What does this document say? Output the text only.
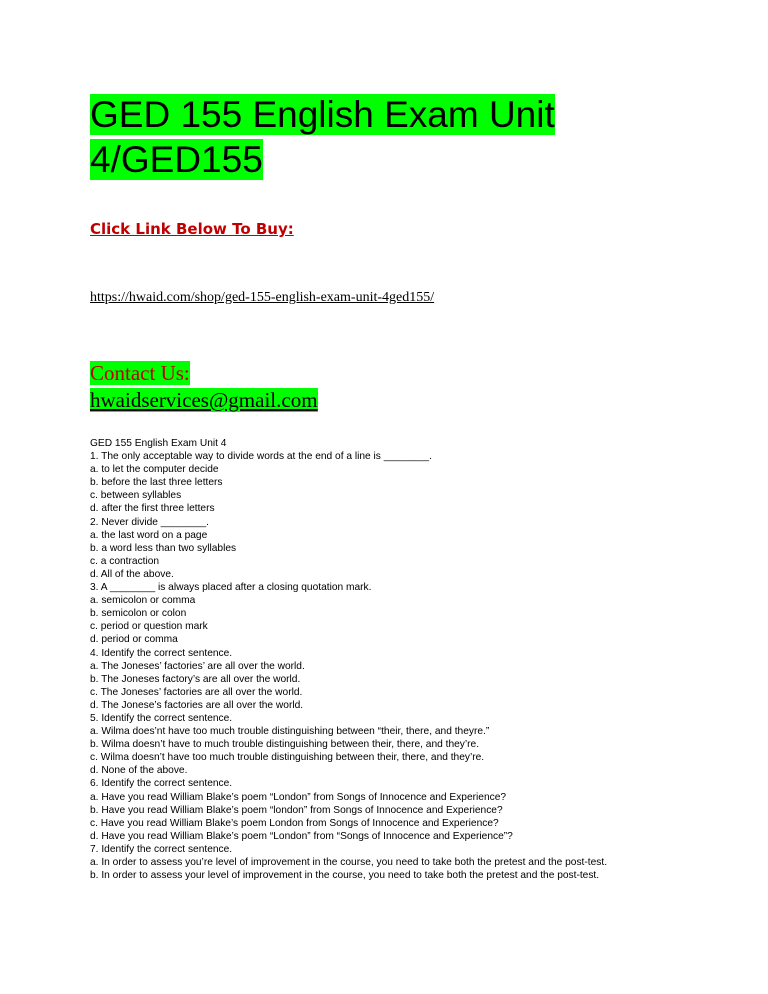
GED 155 English Exam Unit
4/GED155
Click Link Below To Buy:
https://hwaid.com/shop/ged-155-english-exam-unit-4ged155/
Contact Us:
hwaidservices@gmail.com
GED 155 English Exam Unit 4
1. The only acceptable way to divide words at the end of a line is ________.
a. to let the computer decide
b. before the last three letters
c. between syllables
d. after the first three letters
2. Never divide ________.
a. the last word on a page
b. a word less than two syllables
c. a contraction
d. All of the above.
3. A ________ is always placed after a closing quotation mark.
a. semicolon or comma
b. semicolon or colon
c. period or question mark
d. period or comma
4. Identify the correct sentence.
a. The Joneses’ factories’ are all over the world.
b. The Joneses factory’s are all over the world.
c. The Joneses’ factories are all over the world.
d. The Jonese’s factories are all over the world.
5. Identify the correct sentence.
a. Wilma does’nt have too much trouble distinguishing between “their, there, and theyre.”
b. Wilma doesn’t have to much trouble distinguishing between their, there, and they’re.
c. Wilma doesn’t have too much trouble distinguishing between their, there, and they’re.
d. None of the above.
6. Identify the correct sentence.
a. Have you read William Blake’s poem “London” from Songs of Innocence and Experience?
b. Have you read William Blake’s poem “london” from Songs of Innocence and Experience?
c. Have you read William Blake’s poem London from Songs of Innocence and Experience?
d. Have you read William Blake’s poem “London” from “Songs of Innocence and Experience”?
7. Identify the correct sentence.
a. In order to assess you’re level of improvement in the course, you need to take both the pretest and the post-test.
b. In order to assess your level of improvement in the course, you need to take both the pretest and the post-test.
